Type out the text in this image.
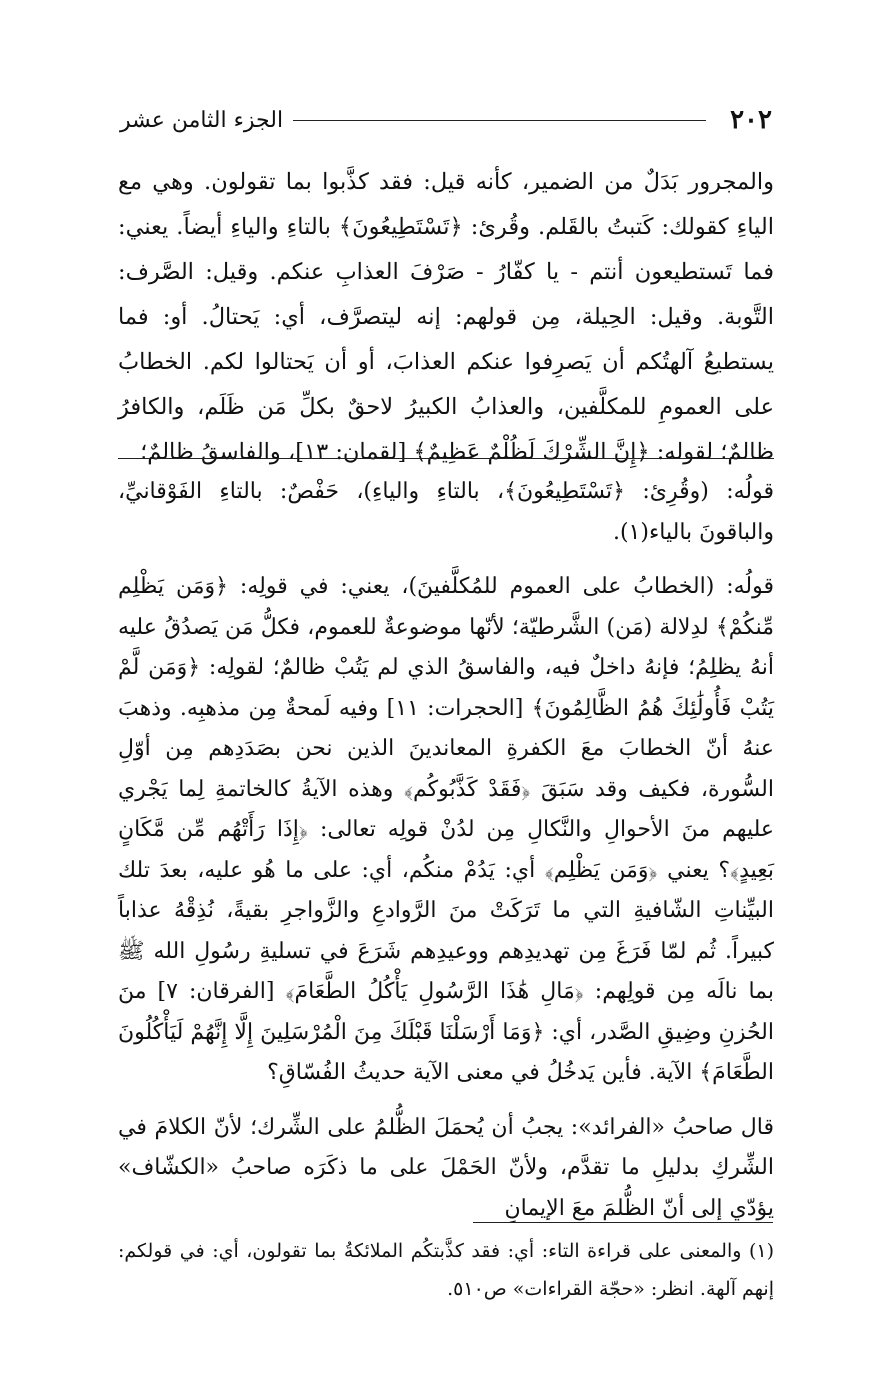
٢٠٢
الجزء الثامن عشر
والمجرور بَدَلٌ من الضمير، كأنه قيل: فقد كذَّبوا بما تقولون. وهي مع الياءِ كقولك: كَتبتُ بالقَلم. وقُرئ: ﴿تَسْتَطِيعُونَ﴾ بالتاءِ والياءِ أيضاً. يعني: فما تَستطيعون أنتم - يا كفّارُ - صَرْفَ العذابِ عنكم. وقيل: الصَّرف: التَّوبة. وقيل: الحِيلة، مِن قولهم: إنه ليتصرَّف، أي: يَحتالُ. أو: فما يستطيعُ آلهتُكم أن يَصرِفوا عنكم العذابَ، أو أن يَحتالوا لكم. الخطابُ على العمومِ للمكلَّفين، والعذابُ الكبيرُ لاحقٌ بكلِّ مَن ظَلَم، والكافرُ ظالمٌ؛ لقوله: ﴿إِنَّ الشِّرْكَ لَظُلْمٌ عَظِيمٌ﴾ [لقمان: ١٣]، والفاسقُ ظالمٌ؛

قولُه: (وقُرِئ: ﴿تَسْتَطِيعُونَ﴾، بالتاءِ والياءِ)، حَفْصٌ: بالتاءِ الفَوْقانيِّ، والباقونَ بالياء(١).

قولُه: (الخطابُ على العموم للمُكلَّفينَ)، يعني: في قولِه: ﴿وَمَن يَظْلِم مِّنكُمْ﴾ لدِلالة (مَن) الشَّرطيّة؛ لأنّها موضوعةٌ للعموم، فكلُّ مَن يَصدُقُ عليه أنهُ يظلِمُ؛ فإنهُ داخلٌ فيه، والفاسقُ الذي لم يَتُبْ ظالمٌ؛ لقولِه: ﴿وَمَن لَّمْ يَتُبْ فَأُولَٰئِكَ هُمُ الظَّالِمُونَ﴾ [الحجرات: ١١] وفيه لَمحةٌ مِن مذهبِه. وذهبَ عنهُ أنّ الخطابَ معَ الكفرةِ المعاندينَ الذين نحن بصَدَدِهم مِن أوّلِ السُّورة، فكيف وقد سَبَقَ ﴿فَقَدْ كَذَّبُوكُم﴾ وهذه الآيةُ كالخاتمةِ لِما يَجْري عليهم منَ الأحوالِ والنَّكالِ مِن لدُنْ قولِه تعالى: ﴿إِذَا رَأَتْهُم مِّن مَّكَانٍ بَعِيدٍ﴾؟ يعني ﴿وَمَن يَظْلِم﴾ أي: يَدُمْ منكُم، أي: على ما هُو عليه، بعدَ تلك البيِّناتِ الشّافيةِ التي ما تَرَكَتْ منَ الرَّوادعِ والزَّواجرِ بقيةً، نُذِقْهُ عذاباً كبيراً. ثُم لمّا فَرَغَ مِن تهديدِهم ووعيدِهم شَرَعَ في تسليةِ رسُولِ الله ﷺ بما نالَه مِن قولِهم: ﴿مَالِ هَٰذَا الرَّسُولِ يَأْكُلُ الطَّعَامَ﴾ [الفرقان: ٧] منَ الحُزنِ وضِيقِ الصَّدر، أي: ﴿وَمَا أَرْسَلْنَا قَبْلَكَ مِنَ الْمُرْسَلِينَ إِلَّا إِنَّهُمْ لَيَأْكُلُونَ الطَّعَامَ﴾ الآية. فأين يَدخُلُ في معنى الآية حديثُ الفُسّاقِ؟

قال صاحبُ «الفرائد»: يجبُ أن يُحمَلَ الظُّلمُ على الشِّرك؛ لأنّ الكلامَ في الشِّركِ بدليلِ ما تقدَّم، ولأنّ الحَمْلَ على ما ذكَرَه صاحبُ «الكشّاف» يؤدّي إلى أنّ الظُّلمَ معَ الإيمانِ

(١) والمعنى على قراءة التاء: أي: فقد كذَّبتكُم الملائكةُ بما تقولون، أي: في قولكم: إنهم آلهة. انظر: «حجّة القراءات» ص٥١٠.
